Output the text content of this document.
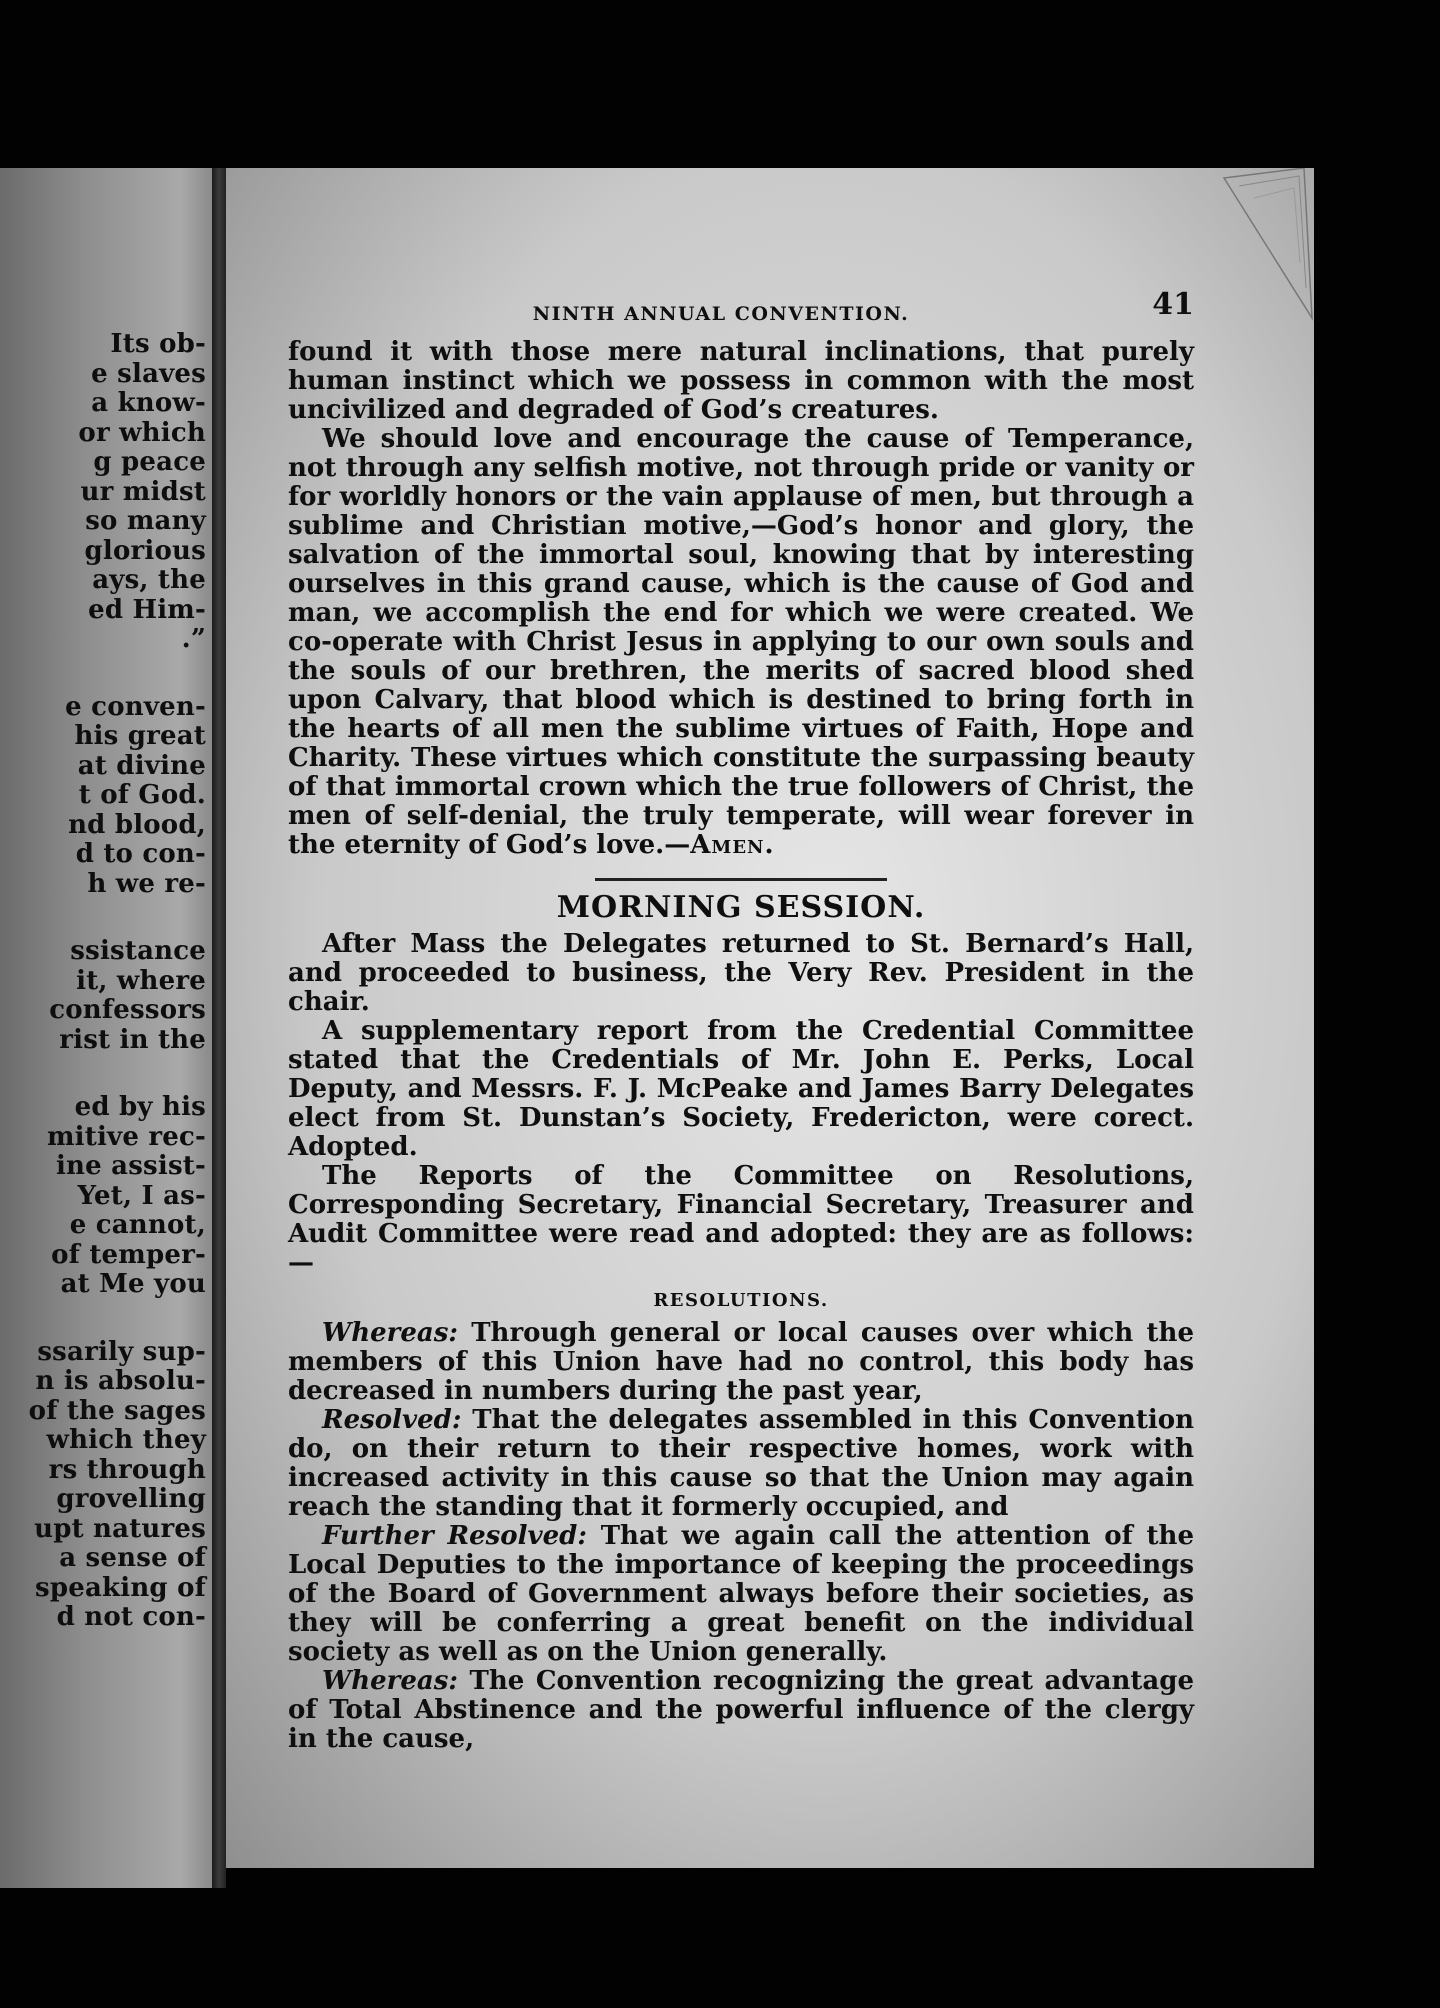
Its ob-
e slaves
a know-
or which
g peace
ur midst
so many
glorious
ays, the
ed Him-
.”
e conven-
his great
at divine
t of God.
nd blood,
d to con-
h we re-
ssistance
it, where
confessors
rist in the
ed by his
mitive rec-
ine assist-
Yet, I as-
e cannot,
of temper-
at Me you
ssarily sup-
n is absolu-
of the sages
which they
rs through
grovelling
upt natures
a sense of
speaking of
d not con-
NINTH ANNUAL CONVENTION.	41

found it with those mere natural inclinations, that purely human instinct which we possess in common with the most uncivilized and degraded of God’s creatures.

We should love and encourage the cause of Temperance, not through any selfish motive, not through pride or vanity or for worldly honors or the vain applause of men, but through a sublime and Christian motive,—God’s honor and glory, the salvation of the immortal soul, knowing that by interesting ourselves in this grand cause, which is the cause of God and man, we accomplish the end for which we were created. We co-operate with Christ Jesus in applying to our own souls and the souls of our brethren, the merits of sacred blood shed upon Calvary, that blood which is destined to bring forth in the hearts of all men the sublime virtues of Faith, Hope and Charity. These virtues which constitute the surpassing beauty of that immortal crown which the true followers of Christ, the men of self-denial, the truly temperate, will wear forever in the eternity of God’s love.—Amen.

MORNING SESSION.

After Mass the Delegates returned to St. Bernard’s Hall, and proceeded to business, the Very Rev. President in the chair.

A supplementary report from the Credential Committee stated that the Credentials of Mr. John E. Perks, Local Deputy, and Messrs. F. J. McPeake and James Barry Delegates elect from St. Dunstan’s Society, Fredericton, were corect. Adopted.

The Reports of the Committee on Resolutions, Corresponding Secretary, Financial Secretary, Treasurer and Audit Committee were read and adopted: they are as follows:—

RESOLUTIONS.

Whereas: Through general or local causes over which the members of this Union have had no control, this body has decreased in numbers during the past year,

Resolved: That the delegates assembled in this Convention do, on their return to their respective homes, work with increased activity in this cause so that the Union may again reach the standing that it formerly occupied, and

Further Resolved: That we again call the attention of the Local Deputies to the importance of keeping the proceedings of the Board of Government always before their societies, as they will be conferring a great benefit on the individual society as well as on the Union generally.

Whereas: The Convention recognizing the great advantage of Total Abstinence and the powerful influence of the clergy in the cause,
